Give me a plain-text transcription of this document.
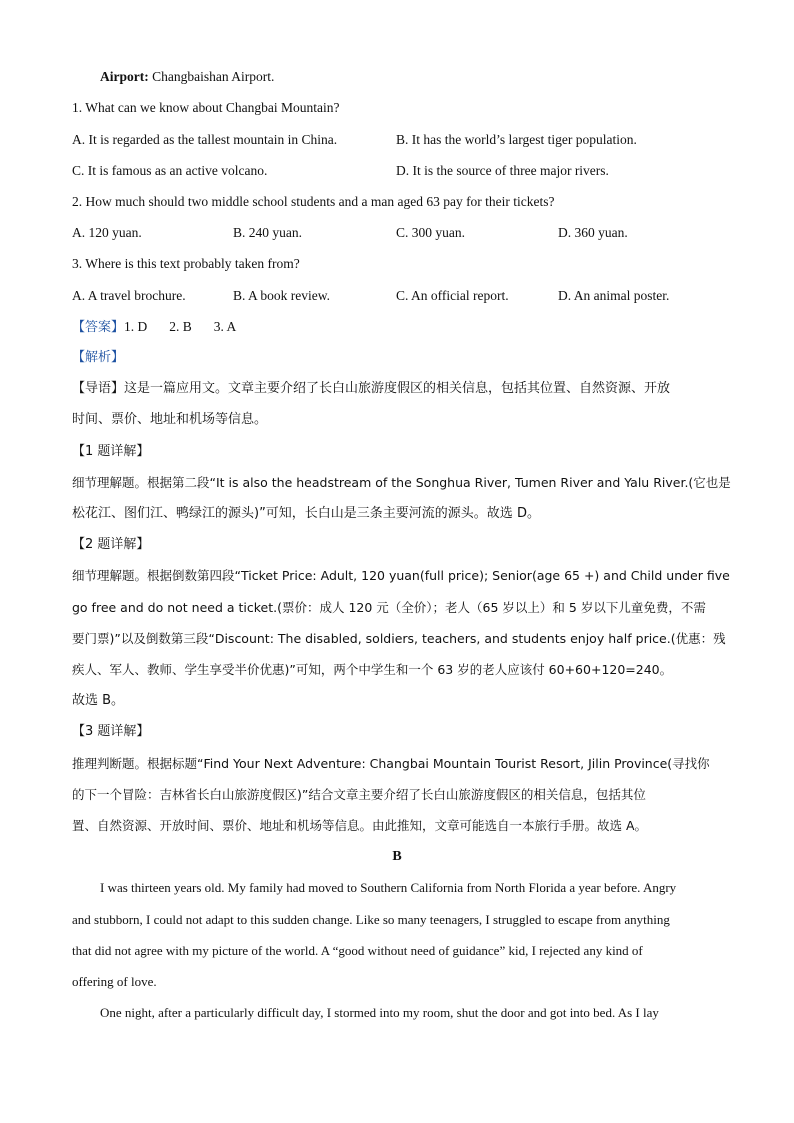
Airport: Changbaishan Airport.
1. What can we know about Changbai Mountain?
A. It is regarded as the tallest mountain in China.	B. It has the world’s largest tiger population.
C. It is famous as an active volcano.	D. It is the source of three major rivers.
2. How much should two middle school students and a man aged 63 pay for their tickets?
A. 120 yuan.	B. 240 yuan.	C. 300 yuan.	D. 360 yuan.
3. Where is this text probably taken from?
A. A travel brochure.	B. A book review.	C. An official report.	D. An animal poster.
【答案】1. D 2. B 3. A
【解析】
【导语】这是一篇应用文。文章主要介绍了长白山旅游度假区的相关信息，包括其位置、自然资源、开放
时间、票价、地址和机场等信息。
【1 题详解】
细节理解题。根据第二段“It is also the headstream of the Songhua River, Tumen River and Yalu River.(它也是
松花江、图们江、鸭绿江的源头)”可知，长白山是三条主要河流的源头。故选 D。
【2 题详解】
细节理解题。根据倒数第四段“Ticket Price: Adult, 120 yuan(full price); Senior(age 65 +) and Child under five
go free and do not need a ticket.(票价：成人 120 元（全价）；老人（65 岁以上）和 5 岁以下儿童免费，不需
要门票)”以及倒数第三段“Discount: The disabled, soldiers, teachers, and students enjoy half price.(优惠：残
疾人、军人、教师、学生享受半价优惠)”可知，两个中学生和一个 63 岁的老人应该付 60+60+120=240。
故选 B。
【3 题详解】
推理判断题。根据标题“Find Your Next Adventure: Changbai Mountain Tourist Resort, Jilin Province(寻找你
的下一个冒险：吉林省长白山旅游度假区)”结合文章主要介绍了长白山旅游度假区的相关信息，包括其位
置、自然资源、开放时间、票价、地址和机场等信息。由此推知，文章可能选自一本旅行手册。故选 A。
B
I was thirteen years old. My family had moved to Southern California from North Florida a year before. Angry
and stubborn, I could not adapt to this sudden change. Like so many teenagers, I struggled to escape from anything
that did not agree with my picture of the world. A “good without need of guidance” kid, I rejected any kind of
offering of love.
One night, after a particularly difficult day, I stormed into my room, shut the door and got into bed. As I lay
